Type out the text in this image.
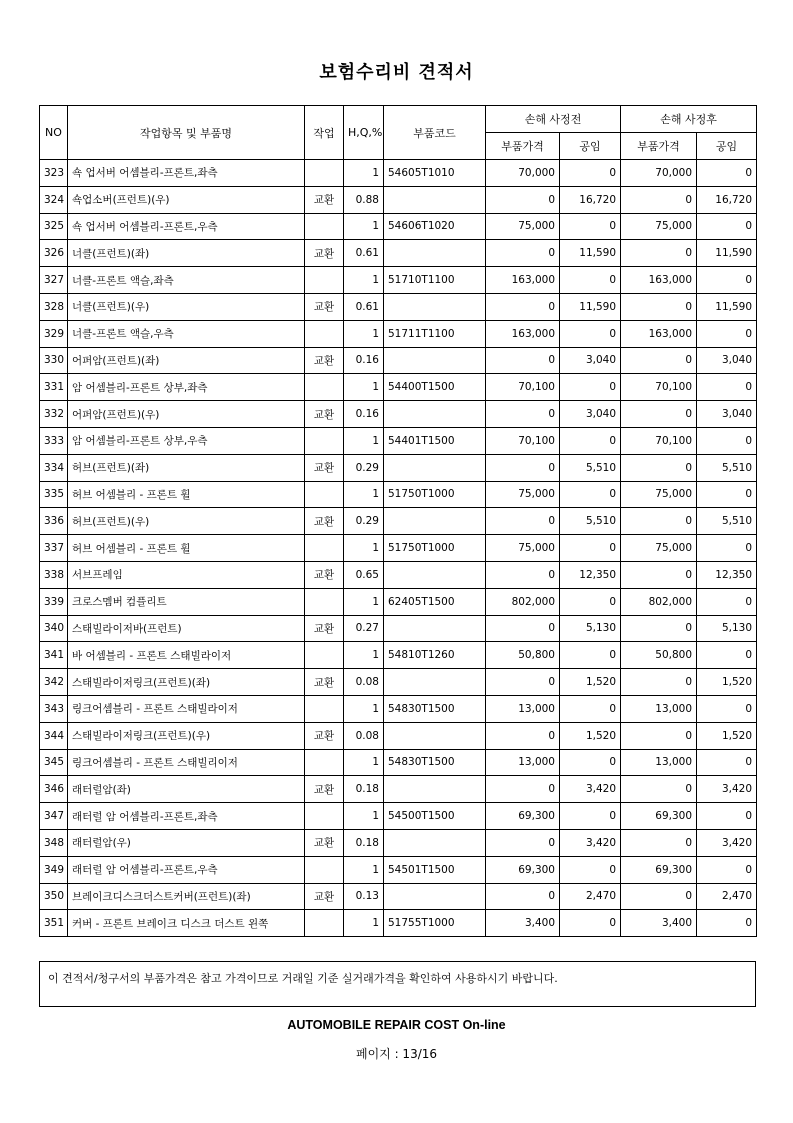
보험수리비 견적서
NO	작업항목 및 부품명	작업	H,Q,%	부품코드	손해 사정전		손해 사정후	
					부품가격	공임	부품가격	공임
323	쇽 업서버 어셈블리-프론트,좌측		1	54605T1010	70,000	0	70,000	0
324	쇽업소버(프런트)(우)	교환	0.88		0	16,720	0	16,720
325	쇽 업서버 어셈블리-프론트,우측		1	54606T1020	75,000	0	75,000	0
326	너클(프런트)(좌)	교환	0.61		0	11,590	0	11,590
327	너클-프론트 액슬,좌측		1	51710T1100	163,000	0	163,000	0
328	너클(프런트)(우)	교환	0.61		0	11,590	0	11,590
329	너클-프론트 액슬,우측		1	51711T1100	163,000	0	163,000	0
330	어퍼암(프런트)(좌)	교환	0.16		0	3,040	0	3,040
331	암 어셈블리-프론트 상부,좌측		1	54400T1500	70,100	0	70,100	0
332	어퍼암(프런트)(우)	교환	0.16		0	3,040	0	3,040
333	암 어셈블리-프론트 상부,우측		1	54401T1500	70,100	0	70,100	0
334	허브(프런트)(좌)	교환	0.29		0	5,510	0	5,510
335	허브 어셈블리 - 프론트 휠		1	51750T1000	75,000	0	75,000	0
336	허브(프런트)(우)	교환	0.29		0	5,510	0	5,510
337	허브 어셈블리 - 프론트 휠		1	51750T1000	75,000	0	75,000	0
338	서브프레임	교환	0.65		0	12,350	0	12,350
339	크로스멤버 컴플리트		1	62405T1500	802,000	0	802,000	0
340	스태빌라이저바(프런트)	교환	0.27		0	5,130	0	5,130
341	바 어셈블리 - 프론트 스태빌라이저		1	54810T1260	50,800	0	50,800	0
342	스태빌라이저링크(프런트)(좌)	교환	0.08		0	1,520	0	1,520
343	링크어셈블리 - 프론트 스태빌라이저		1	54830T1500	13,000	0	13,000	0
344	스태빌라이저링크(프런트)(우)	교환	0.08		0	1,520	0	1,520
345	링크어셈블리 - 프론트 스태빌리이저		1	54830T1500	13,000	0	13,000	0
346	래터럴암(좌)	교환	0.18		0	3,420	0	3,420
347	래터럴 암 어셈블리-프론트,좌측		1	54500T1500	69,300	0	69,300	0
348	래터럴암(우)	교환	0.18		0	3,420	0	3,420
349	래터럴 암 어셈블리-프론트,우측		1	54501T1500	69,300	0	69,300	0
350	브레이크디스크더스트커버(프런트)(좌)	교환	0.13		0	2,470	0	2,470
351	커버 - 프론트 브레이크 디스크 더스트 왼쪽		1	51755T1000	3,400	0	3,400	0
이 견적서/청구서의 부품가격은 참고 가격이므로 거래일 기준 실거래가격을 확인하여 사용하시기 바랍니다.
AUTOMOBILE REPAIR COST On-line
페이지 : 13/16
